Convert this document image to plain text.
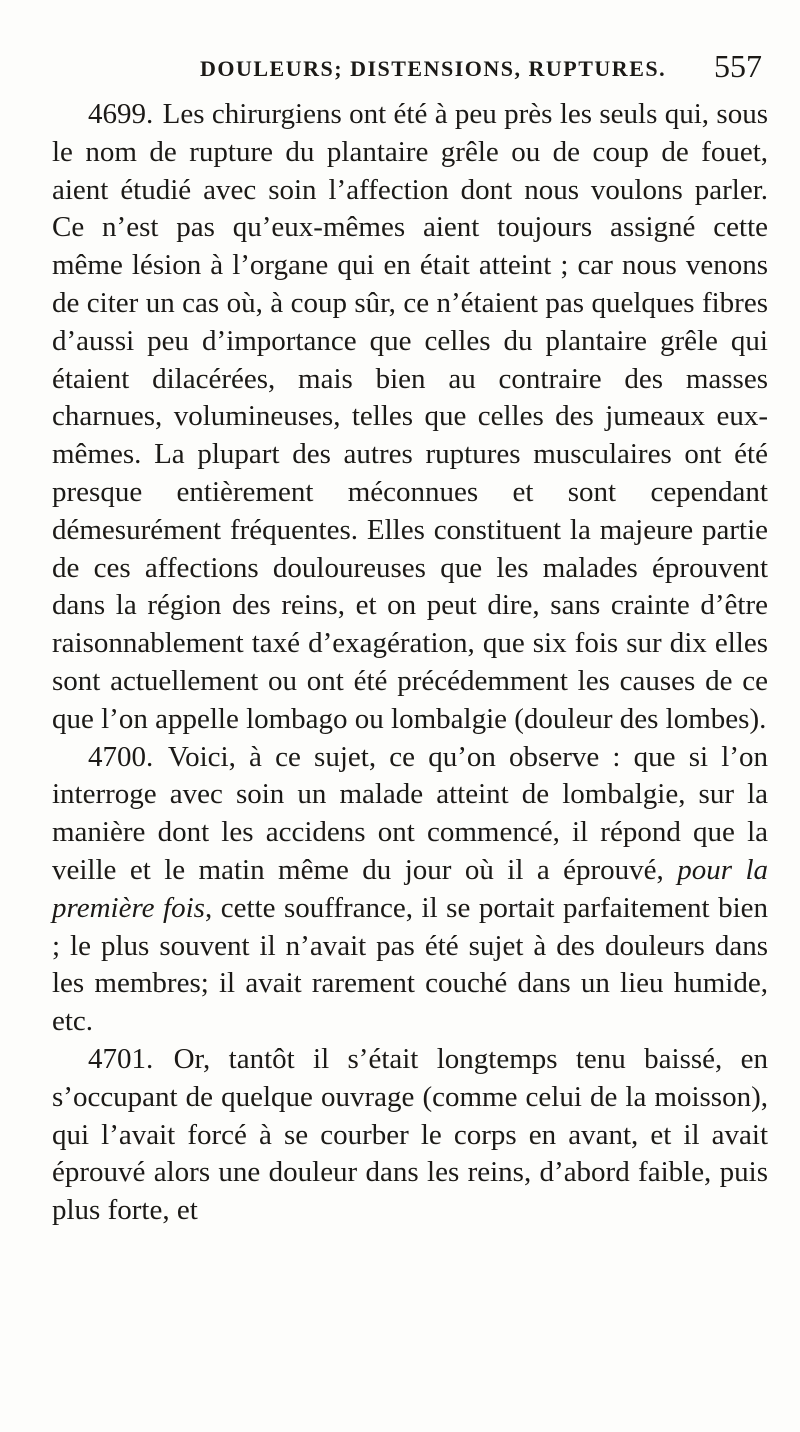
DOULEURS; DISTENSIONS, RUPTURES. 557

4699. Les chirurgiens ont été à peu près les seuls qui, sous le nom de rupture du plantaire grêle ou de coup de fouet, aient étudié avec soin l’affection dont nous voulons parler. Ce n’est pas qu’eux-mêmes aient toujours assigné cette même lésion à l’organe qui en était atteint ; car nous venons de citer un cas où, à coup sûr, ce n’étaient pas quelques fibres d’aussi peu d’importance que celles du plantaire grêle qui étaient dilacérées, mais bien au contraire des masses charnues, volumineuses, telles que celles des jumeaux eux-mêmes. La plupart des autres ruptures musculaires ont été presque entièrement méconnues et sont cependant démesurément fréquentes. Elles constituent la majeure partie de ces affections douloureuses que les malades éprouvent dans la région des reins, et on peut dire, sans crainte d’être raisonnablement taxé d’exagération, que six fois sur dix elles sont actuellement ou ont été précédemment les causes de ce que l’on appelle lombago ou lombalgie (douleur des lombes).

4700. Voici, à ce sujet, ce qu’on observe : que si l’on interroge avec soin un malade atteint de lombalgie, sur la manière dont les accidens ont commencé, il répond que la veille et le matin même du jour où il a éprouvé, pour la première fois, cette souffrance, il se portait parfaitement bien ; le plus souvent il n’avait pas été sujet à des douleurs dans les membres; il avait rarement couché dans un lieu humide, etc.

4701. Or, tantôt il s’était longtemps tenu baissé, en s’occupant de quelque ouvrage (comme celui de la moisson), qui l’avait forcé à se courber le corps en avant, et il avait éprouvé alors une douleur dans les reins, d’abord faible, puis plus forte, et
